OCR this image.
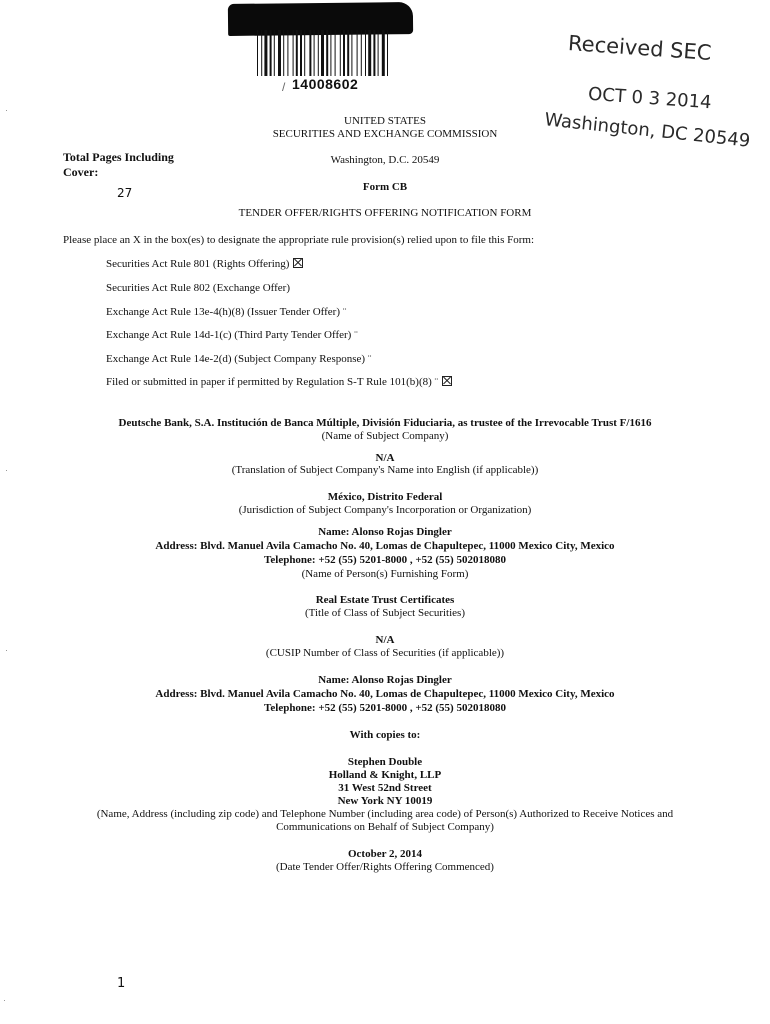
/ 14008602
Received SEC
OCT 0 3 2014
Washington, DC 20549
UNITED STATES
SECURITIES AND EXCHANGE COMMISSION
Washington, D.C. 20549
Form CB
TENDER OFFER/RIGHTS OFFERING NOTIFICATION FORM
Total Pages Including Cover:
27
Please place an X in the box(es) to designate the appropriate rule provision(s) relied upon to file this Form:
Securities Act Rule 801 (Rights Offering)
Securities Act Rule 802 (Exchange Offer)
Exchange Act Rule 13e-4(h)(8) (Issuer Tender Offer) ¨
Exchange Act Rule 14d-1(c) (Third Party Tender Offer) ¨
Exchange Act Rule 14e-2(d) (Subject Company Response) ¨
Filed or submitted in paper if permitted by Regulation S-T Rule 101(b)(8) ¨
Deutsche Bank, S.A. Institución de Banca Múltiple, División Fiduciaria, as trustee of the Irrevocable Trust F/1616
(Name of Subject Company)
N/A
(Translation of Subject Company's Name into English (if applicable))
México, Distrito Federal
(Jurisdiction of Subject Company's Incorporation or Organization)
Name: Alonso Rojas Dingler
Address: Blvd. Manuel Avila Camacho No. 40, Lomas de Chapultepec, 11000 Mexico City, Mexico
Telephone: +52 (55) 5201-8000 , +52 (55) 502018080
(Name of Person(s) Furnishing Form)
Real Estate Trust Certificates
(Title of Class of Subject Securities)
N/A
(CUSIP Number of Class of Securities (if applicable))
Name: Alonso Rojas Dingler
Address: Blvd. Manuel Avila Camacho No. 40, Lomas de Chapultepec, 11000 Mexico City, Mexico
Telephone: +52 (55) 5201-8000 , +52 (55) 502018080
With copies to:
Stephen Double
Holland & Knight, LLP
31 West 52nd Street
New York NY 10019
(Name, Address (including zip code) and Telephone Number (including area code) of Person(s) Authorized to Receive Notices and
Communications on Behalf of Subject Company)
October 2, 2014
(Date Tender Offer/Rights Offering Commenced)
1
